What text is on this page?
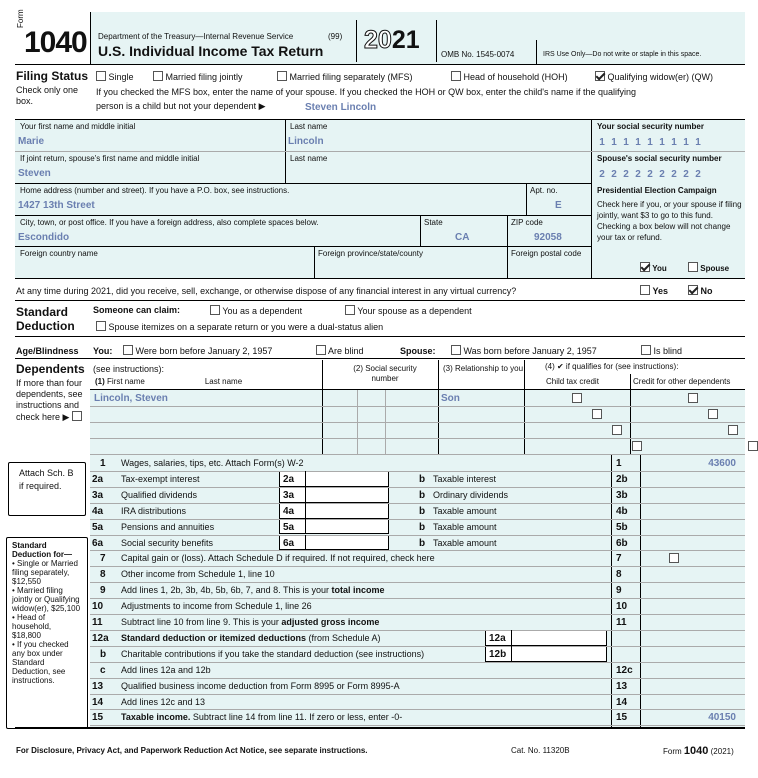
Form
1040 Department of the Treasury—Internal Revenue Service	(99)
U.S. Individual Income Tax Return 2021
OMB No. 1545-0074	IRS Use Only—Do not write or staple in this space.
Filing Status
Check only one box.
Single	Married filing jointly	Married filing separately (MFS)	Head of household (HOH)	Qualifying widow(er) (QW)
If you checked the MFS box, enter the name of your spouse. If you checked the HOH or QW box, enter the child's name if the qualifying
person is a child but not your dependent ▶	Steven Lincoln
Your first name and middle initial
Marie
Last name
Lincoln
Your social security number
1 1 1 1 1 1 1 1 1
If joint return, spouse's first name and middle initial
Steven
Last name	Spouse's social security number
2 2 2 2 2 2 2 2 2
Home address (number and street). If you have a P.O. box, see instructions.
1427 13th Street
Apt. no.
E
City, town, or post office. If you have a foreign address, also complete spaces below.
Escondido
State
CA
ZIP code
92058
Foreign country name	Foreign province/state/county	Foreign postal code
Presidential Election Campaign
Check here if you, or your spouse if filing jointly, want $3 to go to this fund. Checking a box below will not change your tax or refund.
You	Spouse
At any time during 2021, did you receive, sell, exchange, or otherwise dispose of any financial interest in any virtual currency?	Yes	No
Standard
Deduction
Someone can claim:	You as a dependent	Your spouse as a dependent
Spouse itemizes on a separate return or you were a dual-status alien
Age/Blindness You:	Were born before January 2, 1957	Are blind	Spouse:	Was born before January 2, 1957	Is blind
Dependents (see instructions):
(1) First name	Last name
(2) Social security number
(3) Relationship to you	(4) ✔ if qualifies for (see instructions):
Child tax credit	Credit for other dependents
If more than four dependents, see instructions and check here ▶
Attach Sch. B if required.
Standard Deduction for—
• Single or Married filing separately, $12,550
• Married filing jointly or Qualifying widow(er), $25,100
• Head of household, $18,800
• If you checked any box under Standard Deduction, see instructions.
For Disclosure, Privacy Act, and Paperwork Reduction Act Notice, see separate instructions.	Cat. No. 11320B	Form 1040 (2021)
Lincoln, Steven	Son
1 Wages, salaries, tips, etc. Attach Form(s) W-2	1	43600
2a Tax-exempt interest	2a	b Taxable interest	2b
3a Qualified dividends	3a	b Ordinary dividends	3b
4a IRA distributions	4a	b Taxable amount	4b
5a Pensions and annuities	5a	b Taxable amount	5b
6a Social security benefits	6a	b Taxable amount	6b
7 Capital gain or (loss). Attach Schedule D if required. If not required, check here	7
8 Other income from Schedule 1, line 10	8
9 Add lines 1, 2b, 3b, 4b, 5b, 6b, 7, and 8. This is your total income	9
10 Adjustments to income from Schedule 1, line 26	10
11 Subtract line 10 from line 9. This is your adjusted gross income	11
12a Standard deduction or itemized deductions (from Schedule A)	12a
b Charitable contributions if you take the standard deduction (see instructions)	12b
c Add lines 12a and 12b	12c
13 Qualified business income deduction from Form 8995 or Form 8995-A	13
14 Add lines 12c and 13	14
15 Taxable income. Subtract line 14 from line 11. If zero or less, enter -0-	15	40150
